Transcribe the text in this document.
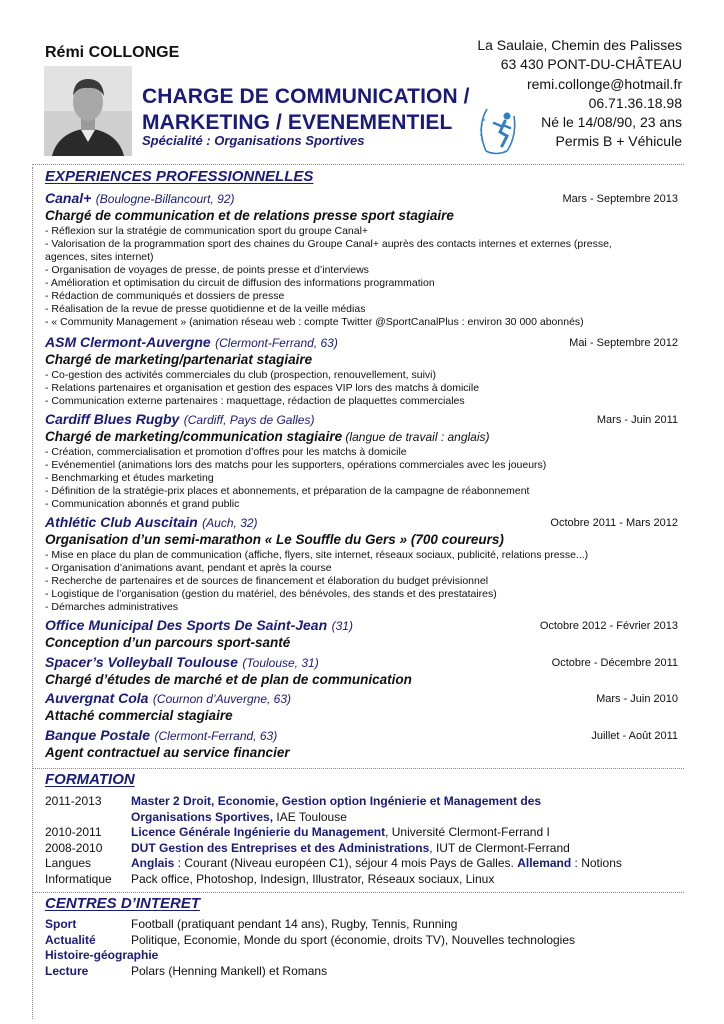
Rémi COLLONGE
CHARGE DE COMMUNICATION /
MARKETING / EVENEMENTIEL
Spécialité : Organisations Sportives
La Saulaie, Chemin des Palisses
63 430 PONT-DU-CHÂTEAU
remi.collonge@hotmail.fr
06.71.36.18.98
Né le 14/08/90, 23 ans
Permis B + Véhicule
EXPERIENCES PROFESSIONNELLES
Canal+ (Boulogne-Billancourt, 92)	Mars - Septembre 2013
Chargé de communication et de relations presse sport stagiaire
- Réflexion sur la stratégie de communication sport du groupe Canal+
- Valorisation de la programmation sport des chaines du Groupe Canal+ auprès des contacts internes et externes (presse,
agences, sites internet)
- Organisation de voyages de presse, de points presse et d’interviews
- Amélioration et optimisation du circuit de diffusion des informations programmation
- Rédaction de communiqués et dossiers de presse
- Réalisation de la revue de presse quotidienne et de la veille médias
- « Community Management » (animation réseau web : compte Twitter @SportCanalPlus : environ 30 000 abonnés)
ASM Clermont-Auvergne (Clermont-Ferrand, 63)	Mai - Septembre 2012
Chargé de marketing/partenariat stagiaire
- Co-gestion des activités commerciales du club (prospection, renouvellement, suivi)
- Relations partenaires et organisation et gestion des espaces VIP lors des matchs à domicile
- Communication externe partenaires : maquettage, rédaction de plaquettes commerciales
Cardiff Blues Rugby (Cardiff, Pays de Galles)	Mars - Juin 2011
Chargé de marketing/communication stagiaire (langue de travail : anglais)
- Création, commercialisation et promotion d’offres pour les matchs à domicile
- Evénementiel (animations lors des matchs pour les supporters, opérations commerciales avec les joueurs)
- Benchmarking et études marketing
- Définition de la stratégie-prix places et abonnements, et préparation de la campagne de réabonnement
- Communication abonnés et grand public
Athlétic Club Auscitain (Auch, 32)	Octobre 2011 - Mars 2012
Organisation d’un semi-marathon « Le Souffle du Gers » (700 coureurs)
- Mise en place du plan de communication (affiche, flyers, site internet, réseaux sociaux, publicité, relations presse...)
- Organisation d’animations avant, pendant et après la course
- Recherche de partenaires et de sources de financement et élaboration du budget prévisionnel
- Logistique de l’organisation (gestion du matériel, des bénévoles, des stands et des prestataires)
- Démarches administratives
Office Municipal Des Sports De Saint-Jean (31)	Octobre 2012 - Février 2013
Conception d’un parcours sport-santé
Spacer’s Volleyball Toulouse (Toulouse, 31)	Octobre - Décembre 2011
Chargé d’études de marché et de plan de communication
Auvergnat Cola (Cournon d’Auvergne, 63)	Mars - Juin 2010
Attaché commercial stagiaire
Banque Postale (Clermont-Ferrand, 63)	Juillet - Août 2011
Agent contractuel au service financier
FORMATION
2011-2013	Master 2 Droit, Economie, Gestion option Ingénierie et Management des
Organisations Sportives, IAE Toulouse
2010-2011	Licence Générale Ingénierie du Management, Université Clermont-Ferrand I
2008-2010	DUT Gestion des Entreprises et des Administrations, IUT de Clermont-Ferrand
Langues	Anglais : Courant (Niveau européen C1), séjour 4 mois Pays de Galles. Allemand : Notions
Informatique	Pack office, Photoshop, Indesign, Illustrator, Réseaux sociaux, Linux
CENTRES D’INTERET
Sport	Football (pratiquant pendant 14 ans), Rugby, Tennis, Running
Actualité	Politique, Economie, Monde du sport (économie, droits TV), Nouvelles technologies
Histoire-géographie
Lecture	Polars (Henning Mankell) et Romans
